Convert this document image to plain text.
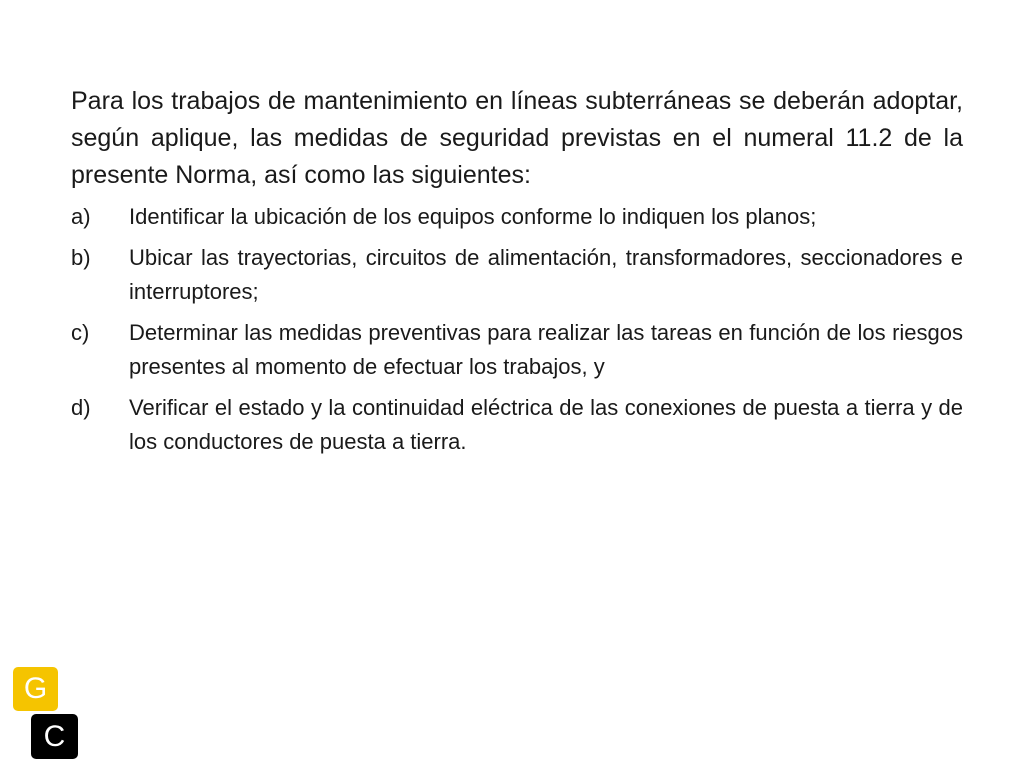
Para los trabajos de mantenimiento en líneas subterráneas se deberán adoptar, según aplique, las medidas de seguridad previstas en el numeral 11.2 de la presente Norma, así como las siguientes:

a)	Identificar la ubicación de los equipos conforme lo indiquen los planos;
b)	Ubicar las trayectorias, circuitos de alimentación, transformadores, seccionadores e interruptores;
c)	Determinar las medidas preventivas para realizar las tareas en función de los riesgos presentes al momento de efectuar los trabajos, y
d)	Verificar el estado y la continuidad eléctrica de las conexiones de puesta a tierra y de los conductores de puesta a tierra.
G
C
